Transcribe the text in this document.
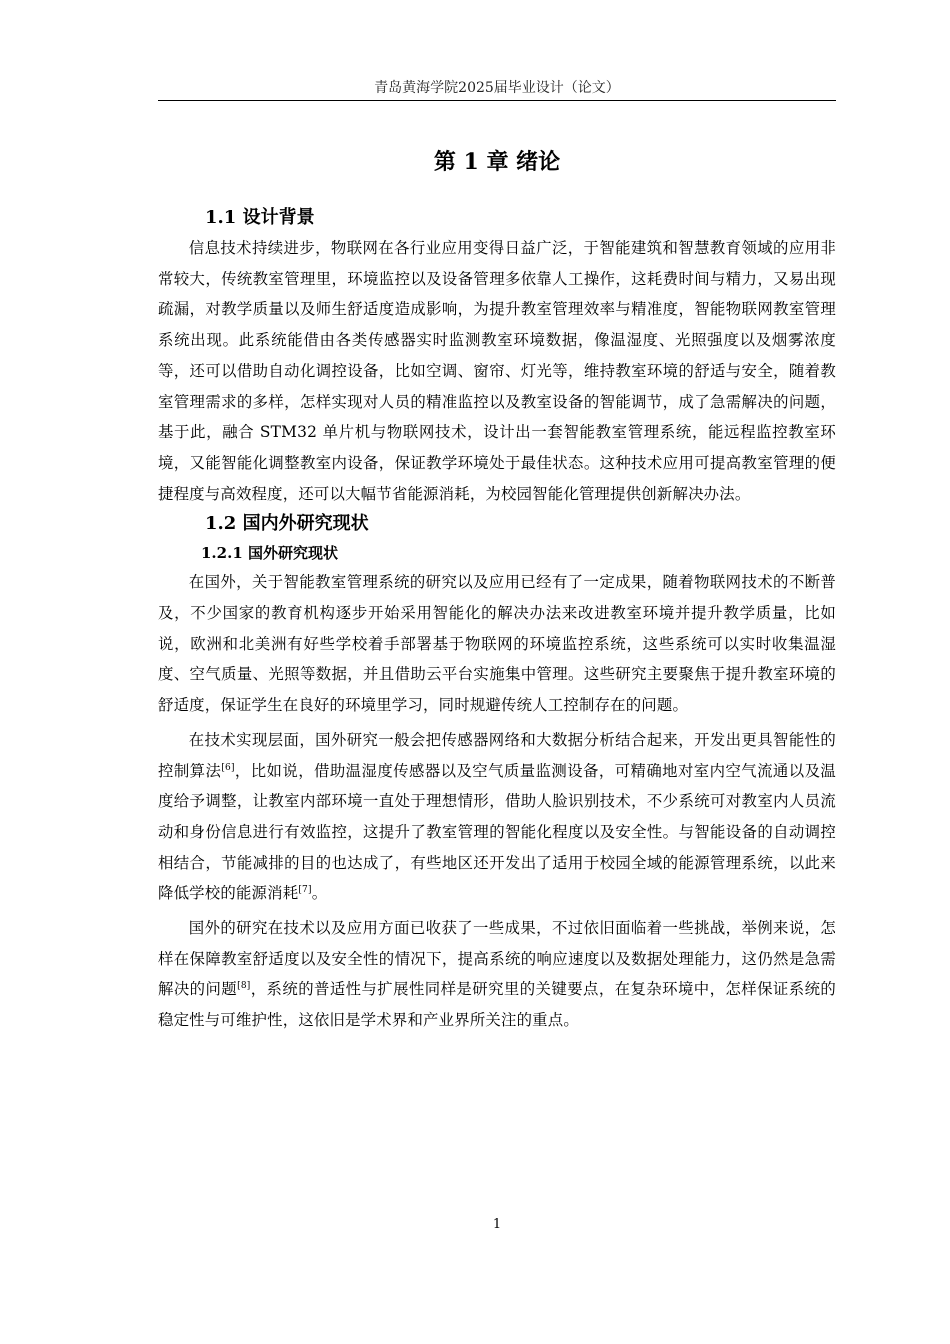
青岛黄海学院2025届毕业设计（论文）
第 1 章 绪论
1.1 设计背景

信息技术持续进步，物联网在各行业应用变得日益广泛，于智能建筑和智慧教育领域的应用非常较大，传统教室管理里，环境监控以及设备管理多依靠人工操作，这耗费时间与精力，又易出现疏漏，对教学质量以及师生舒适度造成影响，为提升教室管理效率与精准度，智能物联网教室管理系统出现。此系统能借由各类传感器实时监测教室环境数据，像温湿度、光照强度以及烟雾浓度等，还可以借助自动化调控设备，比如空调、窗帘、灯光等，维持教室环境的舒适与安全，随着教室管理需求的多样，怎样实现对人员的精准监控以及教室设备的智能调节，成了急需解决的问题，基于此，融合 STM32 单片机与物联网技术，设计出一套智能教室管理系统，能远程监控教室环境，又能智能化调整教室内设备，保证教学环境处于最佳状态。这种技术应用可提高教室管理的便捷程度与高效程度，还可以大幅节省能源消耗，为校园智能化管理提供创新解决办法。

1.2 国内外研究现状
1.2.1 国外研究现状

在国外，关于智能教室管理系统的研究以及应用已经有了一定成果，随着物联网技术的不断普及，不少国家的教育机构逐步开始采用智能化的解决办法来改进教室环境并提升教学质量，比如说，欧洲和北美洲有好些学校着手部署基于物联网的环境监控系统，这些系统可以实时收集温湿度、空气质量、光照等数据，并且借助云平台实施集中管理。这些研究主要聚焦于提升教室环境的舒适度，保证学生在良好的环境里学习，同时规避传统人工控制存在的问题。

在技术实现层面，国外研究一般会把传感器网络和大数据分析结合起来，开发出更具智能性的控制算法[6]，比如说，借助温湿度传感器以及空气质量监测设备，可精确地对室内空气流通以及温度给予调整，让教室内部环境一直处于理想情形，借助人脸识别技术，不少系统可对教室内人员流动和身份信息进行有效监控，这提升了教室管理的智能化程度以及安全性。与智能设备的自动调控相结合，节能减排的目的也达成了，有些地区还开发出了适用于校园全域的能源管理系统，以此来降低学校的能源消耗[7]。

国外的研究在技术以及应用方面已收获了一些成果，不过依旧面临着一些挑战，举例来说，怎样在保障教室舒适度以及安全性的情况下，提高系统的响应速度以及数据处理能力，这仍然是急需解决的问题[8]，系统的普适性与扩展性同样是研究里的关键要点，在复杂环境中，怎样保证系统的稳定性与可维护性，这依旧是学术界和产业界所关注的重点。

1
